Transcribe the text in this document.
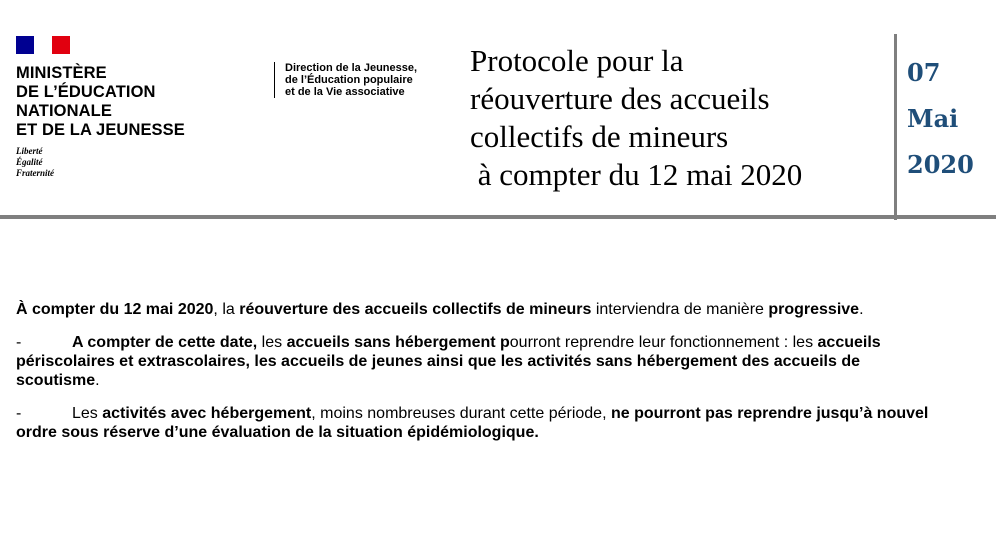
MINISTÈRE
DE L’ÉDUCATION
NATIONALE
ET DE LA JEUNESSE
Liberté
Égalité
Fraternité
Direction de la Jeunesse,
de l’Éducation populaire
et de la Vie associative
Protocole pour la
réouverture des accueils
collectifs de mineurs
à compter du 12 mai 2020
07
Mai
2020

À compter du 12 mai 2020, la réouverture des accueils collectifs de mineurs interviendra de manière progressive.

-	A compter de cette date, les accueils sans hébergement pourront reprendre leur fonctionnement : les accueils périscolaires et extrascolaires, les accueils de jeunes ainsi que les activités sans hébergement des accueils de scoutisme.

-	Les activités avec hébergement, moins nombreuses durant cette période, ne pourront pas reprendre jusqu’à nouvel ordre sous réserve d’une évaluation de la situation épidémiologique.
